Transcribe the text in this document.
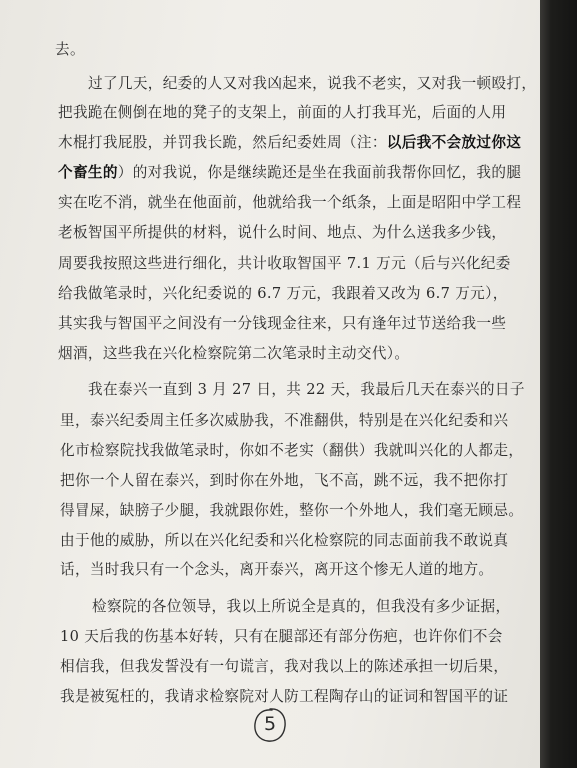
去。
过了几天，纪委的人又对我凶起来，说我不老实，又对我一顿殴打，
把我跪在侧倒在地的凳子的支架上，前面的人打我耳光，后面的人用
木棍打我屁股，并罚我长跪，然后纪委姓周（注：以后我不会放过你这
个畜生的）的对我说，你是继续跪还是坐在我面前我帮你回忆，我的腿
实在吃不消，就坐在他面前，他就给我一个纸条，上面是昭阳中学工程
老板智国平所提供的材料，说什么时间、地点、为什么送我多少钱，
周要我按照这些进行细化，共计收取智国平 7.1 万元（后与兴化纪委
给我做笔录时，兴化纪委说的 6.7 万元，我跟着又改为 6.7 万元），
其实我与智国平之间没有一分钱现金往来，只有逢年过节送给我一些
烟酒，这些我在兴化检察院第二次笔录时主动交代）。
我在泰兴一直到 3 月 27 日，共 22 天，我最后几天在泰兴的日子
里，泰兴纪委周主任多次威胁我，不准翻供，特别是在兴化纪委和兴
化市检察院找我做笔录时，你如不老实（翻供）我就叫兴化的人都走，
把你一个人留在泰兴，到时你在外地，飞不高，跳不远，我不把你打
得冒屎，缺膀子少腿，我就跟你姓，整你一个外地人，我们毫无顾忌。
由于他的威胁，所以在兴化纪委和兴化检察院的同志面前我不敢说真
话，当时我只有一个念头，离开泰兴，离开这个惨无人道的地方。
检察院的各位领导，我以上所说全是真的，但我没有多少证据，
10 天后我的伤基本好转，只有在腿部还有部分伤疤，也许你们不会
相信我，但我发誓没有一句谎言，我对我以上的陈述承担一切后果，
我是被冤枉的，我请求检察院对人防工程陶存山的证词和智国平的证
5
